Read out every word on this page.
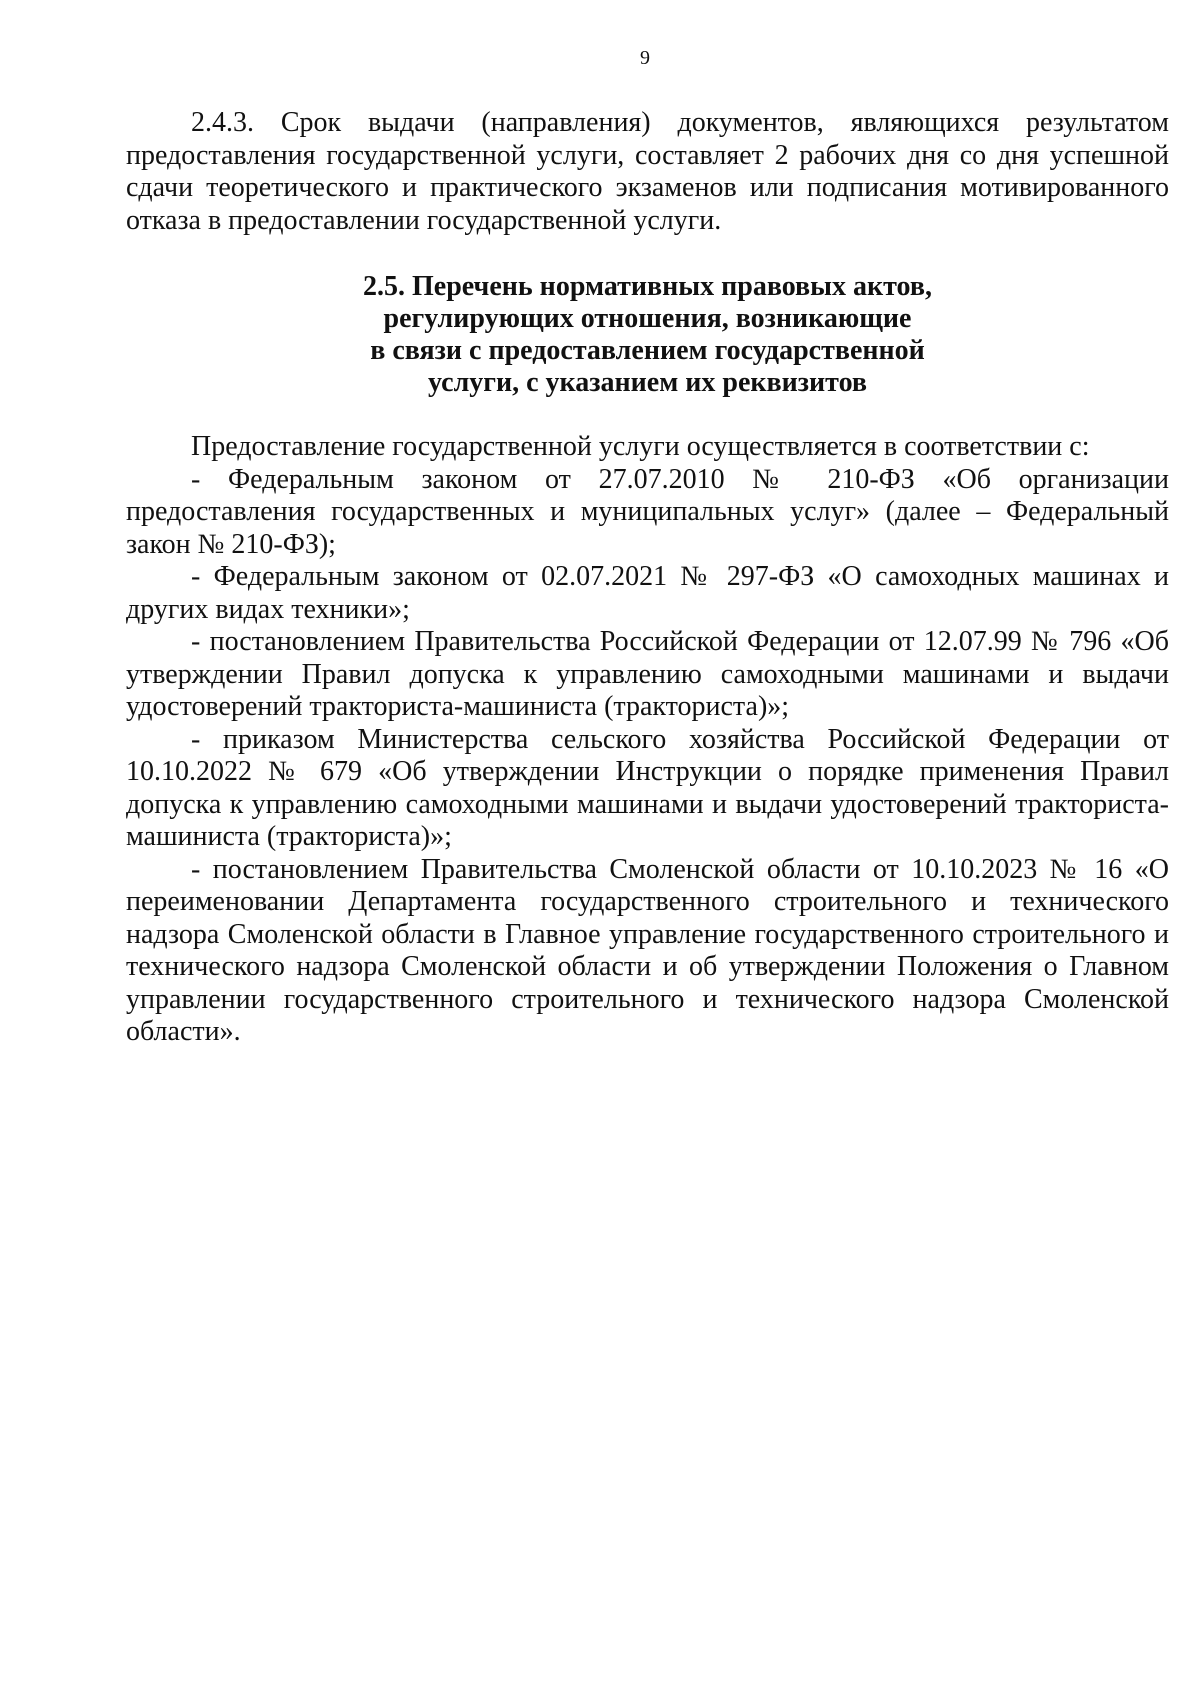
9

2.4.3. Срок выдачи (направления) документов, являющихся результатом предоставления государственной услуги, составляет 2 рабочих дня со дня успешной сдачи теоретического и практического экзаменов или подписания мотивированного отказа в предоставлении государственной услуги.

2.5. Перечень нормативных правовых актов,
регулирующих отношения, возникающие
в связи с предоставлением государственной
услуги, с указанием их реквизитов

Предоставление государственной услуги осуществляется в соответствии с:

- Федеральным законом от 27.07.2010 № 210-ФЗ «Об организации предоставления государственных и муниципальных услуг» (далее – Федеральный закон № 210-ФЗ);

- Федеральным законом от 02.07.2021 № 297-ФЗ «О самоходных машинах и других видах техники»;

- постановлением Правительства Российской Федерации от 12.07.99 № 796 «Об утверждении Правил допуска к управлению самоходными машинами и выдачи удостоверений тракториста-машиниста (тракториста)»;

- приказом Министерства сельского хозяйства Российской Федерации от 10.10.2022 № 679 «Об утверждении Инструкции о порядке применения Правил допуска к управлению самоходными машинами и выдачи удостоверений тракториста-машиниста (тракториста)»;

- постановлением Правительства Смоленской области от 10.10.2023 № 16 «О переименовании Департамента государственного строительного и технического надзора Смоленской области в Главное управление государственного строительного и технического надзора Смоленской области и об утверждении Положения о Главном управлении государственного строительного и технического надзора Смоленской области».
